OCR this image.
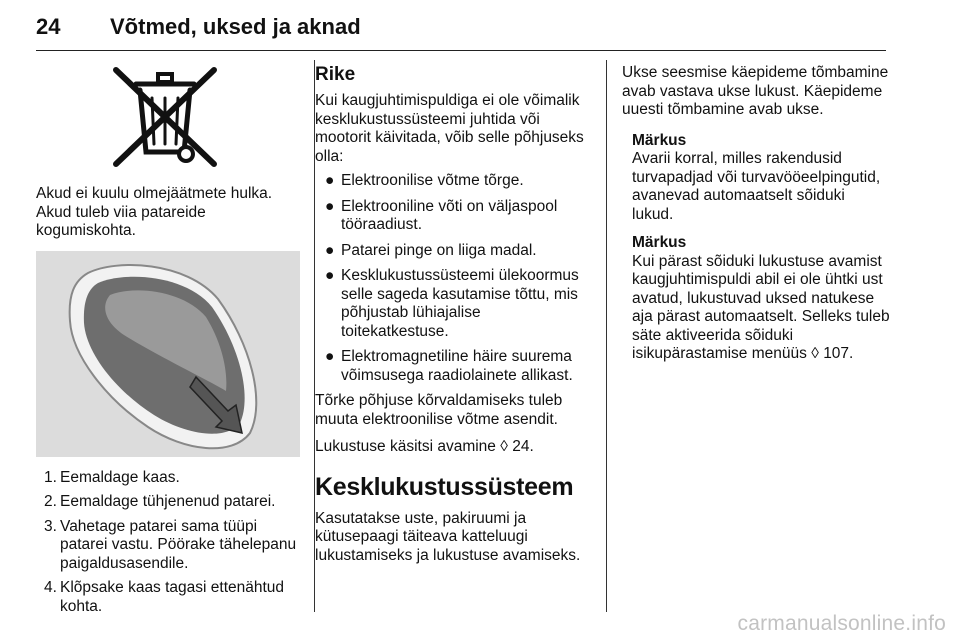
24 Võtmed, uksed ja aknad

Akud ei kuulu olmejäätmete hulka. Akud tuleb viia patareide kogumiskohta.

1. Eemaldage kaas.
2. Eemaldage tühjenenud patarei.
3. Vahetage patarei sama tüüpi patarei vastu. Pöörake tähelepanu paigaldusasendile.
4. Klõpsake kaas tagasi ettenähtud kohta.
Rike

Kui kaugjuhtimispuldiga ei ole võimalik kesklukustussüsteemi juhtida või mootorit käivitada, võib selle põhjuseks olla:

● Elektroonilise võtme tõrge.
● Elektrooniline võti on väljaspool tööraadiust.
● Patarei pinge on liiga madal.
● Kesklukustussüsteemi ülekoormus selle sageda kasutamise tõttu, mis põhjustab lühiajalise toitekatkestuse.
● Elektromagnetiline häire suurema võimsusega raadiolainete allikast.

Tõrke põhjuse kõrvaldamiseks tuleb muuta elektroonilise võtme asendit.

Lukustuse käsitsi avamine ◊ 24.

Kesklukustussüsteem

Kasutatakse uste, pakiruumi ja kütusepaagi täiteava katteluugi lukustamiseks ja lukustuse avamiseks.

Ukse seesmise käepideme tõmbamine avab vastava ukse lukust. Käepideme uuesti tõmbamine avab ukse.

Märkus

Avarii korral, milles rakendusid turvapadjad või turvavööeelpingutid, avanevad automaatselt sõiduki lukud.

Märkus

Kui pärast sõiduki lukustuse avamist kaugjuhtimispuldi abil ei ole ühtki ust avatud, lukustuvad uksed natukese aja pärast automaatselt. Selleks tuleb säte aktiveerida sõiduki isikupärastamise menüüs ◊ 107.

carmanualsonline.info
